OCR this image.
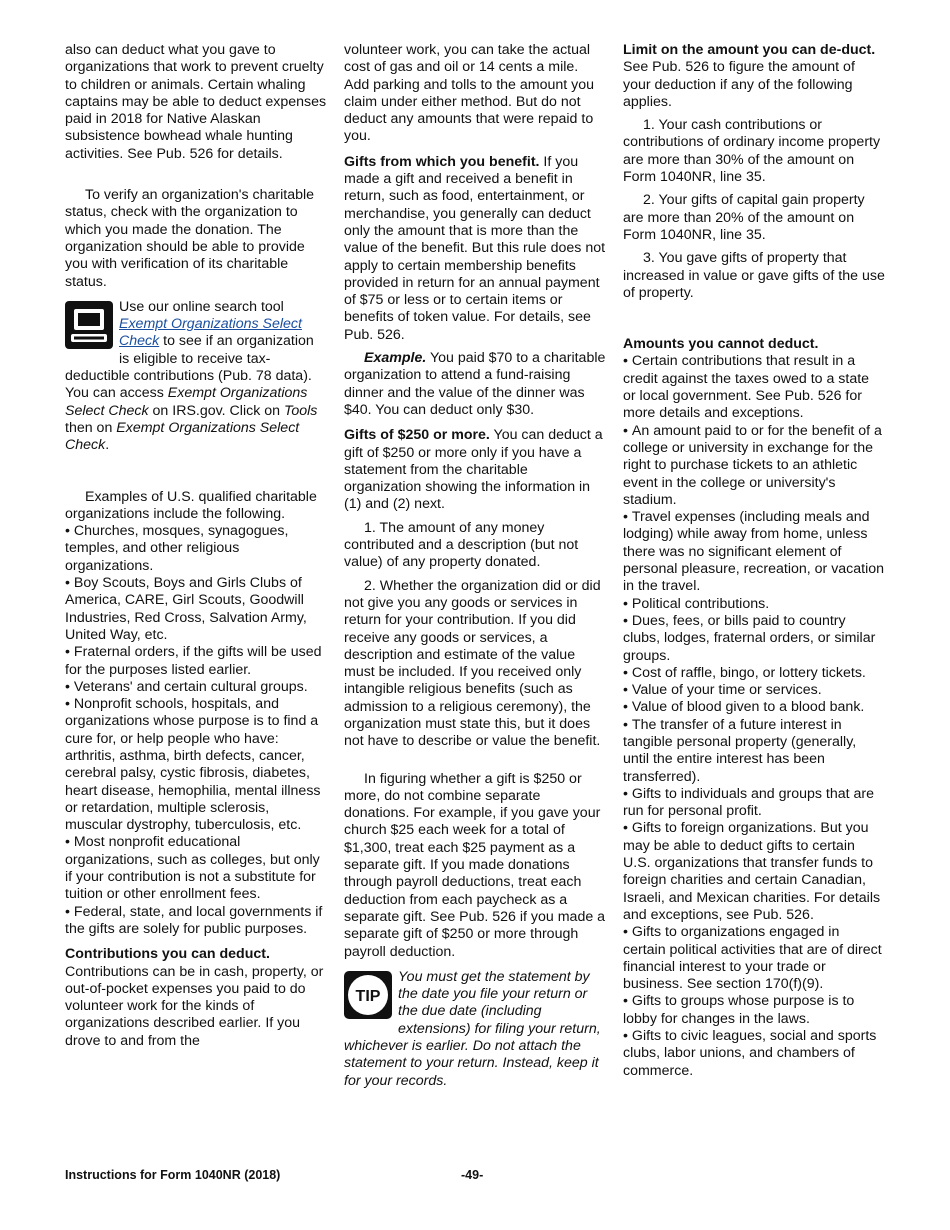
also can deduct what you gave to organizations that work to prevent cruelty to children or animals. Certain whaling captains may be able to deduct expenses paid in 2018 for Native Alaskan subsistence bowhead whale hunting activities. See Pub. 526 for details.

To verify an organization's charitable status, check with the organization to which you made the donation. The organization should be able to provide you with verification of its charitable status.

Use our online search tool Exempt Organizations Select Check to see if an organization is eligible to receive tax-deductible contributions (Pub. 78 data). You can access Exempt Organizations Select Check on IRS.gov. Click on Tools then on Exempt Organizations Select Check.

Examples of U.S. qualified charitable organizations include the following.

• Churches, mosques, synagogues, temples, and other religious organizations.

• Boy Scouts, Boys and Girls Clubs of America, CARE, Girl Scouts, Goodwill Industries, Red Cross, Salvation Army, United Way, etc.

• Fraternal orders, if the gifts will be used for the purposes listed earlier.

• Veterans' and certain cultural groups.

• Nonprofit schools, hospitals, and organizations whose purpose is to find a cure for, or help people who have: arthritis, asthma, birth defects, cancer, cerebral palsy, cystic fibrosis, diabetes, heart disease, hemophilia, mental illness or retardation, multiple sclerosis, muscular dystrophy, tuberculosis, etc.

• Most nonprofit educational organizations, such as colleges, but only if your contribution is not a substitute for tuition or other enrollment fees.

• Federal, state, and local governments if the gifts are solely for public purposes.

Contributions you can deduct.
Contributions can be in cash, property, or out-of-pocket expenses you paid to do volunteer work for the kinds of organizations described earlier. If you drove to and from the

volunteer work, you can take the actual cost of gas and oil or 14 cents a mile. Add parking and tolls to the amount you claim under either method. But do not deduct any amounts that were repaid to you.

Gifts from which you benefit. If you made a gift and received a benefit in return, such as food, entertainment, or merchandise, you generally can deduct only the amount that is more than the value of the benefit. But this rule does not apply to certain membership benefits provided in return for an annual payment of $75 or less or to certain items or benefits of token value. For details, see Pub. 526.

Example. You paid $70 to a charitable organization to attend a fund-raising dinner and the value of the dinner was $40. You can deduct only $30.

Gifts of $250 or more. You can deduct a gift of $250 or more only if you have a statement from the charitable organization showing the information in (1) and (2) next.

1. The amount of any money contributed and a description (but not value) of any property donated.

2. Whether the organization did or did not give you any goods or services in return for your contribution. If you did receive any goods or services, a description and estimate of the value must be included. If you received only intangible religious benefits (such as admission to a religious ceremony), the organization must state this, but it does not have to describe or value the benefit.

In figuring whether a gift is $250 or more, do not combine separate donations. For example, if you gave your church $25 each week for a total of $1,300, treat each $25 payment as a separate gift. If you made donations through payroll deductions, treat each deduction from each paycheck as a separate gift. See Pub. 526 if you made a separate gift of $250 or more through payroll deduction.

TIP
You must get the statement by the date you file your return or the due date (including extensions) for filing your return, whichever is earlier. Do not attach the statement to your return. Instead, keep it for your records.

Limit on the amount you can de-duct. See Pub. 526 to figure the amount of your deduction if any of the following applies.

1. Your cash contributions or contributions of ordinary income property are more than 30% of the amount on Form 1040NR, line 35.

2. Your gifts of capital gain property are more than 20% of the amount on Form 1040NR, line 35.

3. You gave gifts of property that increased in value or gave gifts of the use of property.

Amounts you cannot deduct.

• Certain contributions that result in a credit against the taxes owed to a state or local government. See Pub. 526 for more details and exceptions.

• An amount paid to or for the benefit of a college or university in exchange for the right to purchase tickets to an athletic event in the college or university's stadium.

• Travel expenses (including meals and lodging) while away from home, unless there was no significant element of personal pleasure, recreation, or vacation in the travel.

• Political contributions.

• Dues, fees, or bills paid to country clubs, lodges, fraternal orders, or similar groups.

• Cost of raffle, bingo, or lottery tickets.

• Value of your time or services.

• Value of blood given to a blood bank.

• The transfer of a future interest in tangible personal property (generally, until the entire interest has been transferred).

• Gifts to individuals and groups that are run for personal profit.

• Gifts to foreign organizations. But you may be able to deduct gifts to certain U.S. organizations that transfer funds to foreign charities and certain Canadian, Israeli, and Mexican charities. For details and exceptions, see Pub. 526.

• Gifts to organizations engaged in certain political activities that are of direct financial interest to your trade or business. See section 170(f)(9).

• Gifts to groups whose purpose is to lobby for changes in the laws.

• Gifts to civic leagues, social and sports clubs, labor unions, and chambers of commerce.

Instructions for Form 1040NR (2018)	-49-
